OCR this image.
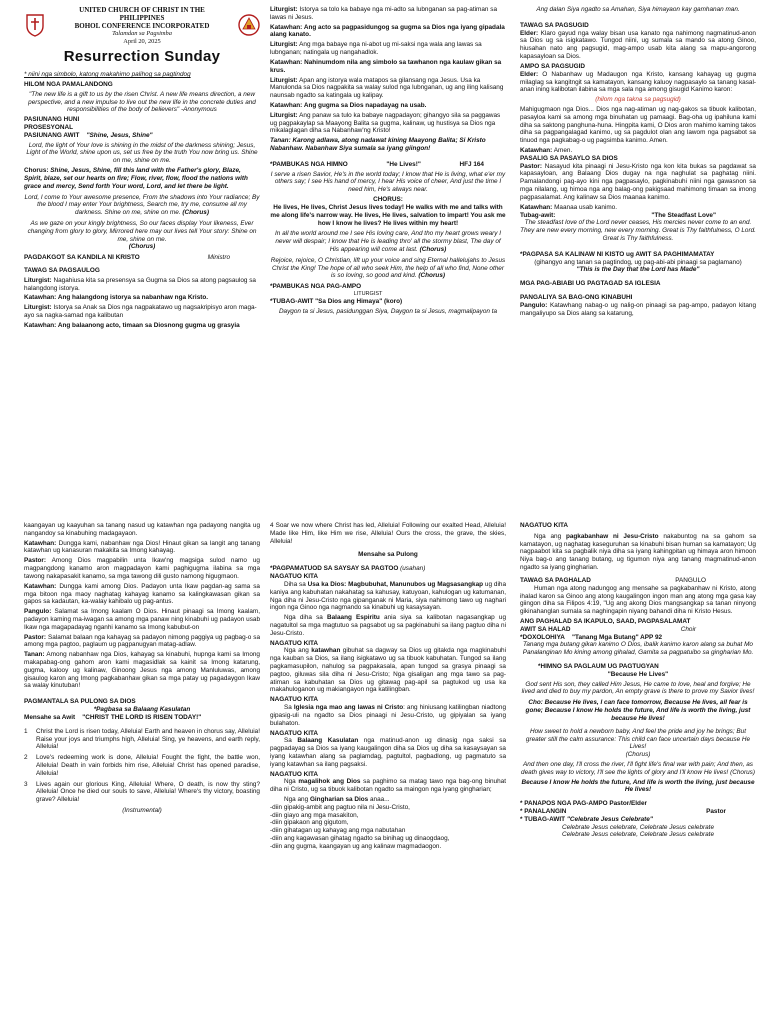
UNITED CHURCH OF CHRIST IN THE
PHILIPPINES
BOHOL CONFERENCE INCORPORATED
Talamdan sa Pagsimba
April 20, 2025
Resurrection Sunday

* niini nga simbolo, katong makahimo palihog sa pagtindog

HILOM NGA PAMALANDONG

"The new life is a gift to us by the risen Christ. A new life means direction, a new perspective, and a new impulse to live out the new life in the concrete duties and responsibilities of the body of believers" -Anonymous

PASIUNANG HUNI

PROSESYONAL

PASIUNANG AWIT "Shine, Jesus, Shine"

Lord, the light of Your love is shining in the midst of the darkness shining; Jesus, Light of the World, shine upon us, set us free by the truth You now bring us. Shine on me, shine on me.

Chorus: Shine, Jesus, Shine, fill this land with the Father's glory, Blaze, Spirit, blaze, set our hearts on fire; Flow, river, flow, flood the nations with grace and mercy, Send forth Your word, Lord, and let there be light.

Lord, I come to Your awesome presence, From the shadows into Your radiance; By the blood I may enter Your brightness, Search me, try me, consume all my darkness. Shine on me, shine on me. (Chorus)

As we gaze on your kingly brightness, So our faces display Your likeness, Ever changing from glory to glory, Mirrored here may our lives tell Your story: Shine on me, shine on me.
(Chorus)

PAGDAKGOT SA KANDILA NI KRISTO	Ministro

TAWAG SA PAGSAULOG

Liturgist: Nagahiusa kita sa presensya sa Gugma sa Dios sa atong pagsaulog sa halangdong istorya.

Katawhan: Ang halangdong istorya sa nabanhaw nga Kristo.

Liturgist: Istorya sa Anak sa Dios nga nagpakatawo ug nagsakripisyo aron maga-ayo sa nagka-samad nga kalibutan

Katawhan: Ang balaanong acto, timaan sa Diosnong gugma ug grasyia

Liturgist: Istorya sa tolo ka babaye nga mi-adto sa lubnganan sa pag-atiman sa lawas ni Jesus.

Katawhan: Ang acto sa pagpasidungog sa gugma sa Dios nga iyang gipadala alang kanato.

Liturgist: Ang mga babaye nga ni-abot ug mi-saksi nga wala ang lawas sa lubnganan; natingala ug nangahadlok.

Katawhan: Nahinumdom nila ang simbolo sa tawhanon nga kaulaw gikan sa krus.

Liturgist: Apan ang istorya wala matapos sa gilansang nga Jesus. Usa ka Manulonda sa Dios nagpakita sa walay sulod nga lubnganan, ug ang iling kalisang naunsab ngadto sa katingala ug kalipay.

Katawhan: Ang gugma sa Dios napadayag na usab.

Liturgist: Ang panaw sa tulo ka babaye nagpadayon; gihangyo sila sa paggawas ug pagpakaylap sa Maayong Balita sa gugma, kalinaw, ug hustisya sa Dios nga mikalaglagan diha sa Nabanhaw'ng Kristo!

Tanan: Karong adlawa, atong nadawat kining Maayong Balita; Si Kristo Nabanhaw. Nabanhaw Siya sumala sa iyang giingon!

*PAMBUKAS NGA HIMNO	"He Lives!"	HFJ 164

I serve a risen Savior, He's in the world today; I know that He is living, what e'er my others say; I see His hand of mercy, I hear His voice of cheer, And just the time I need him, He's always near.

CHORUS:

He lives, He lives, Christ Jesus lives today! He walks with me and talks with me along life's narrow way. He lives, He lives, salvation to impart! You ask me how I know he lives? He lives within my heart!

In all the world around me I see His loving care, And tho my heart grows weary I never will despair; I know that He is leading thro' all the stormy blast, The day of His appearing will come at last. (Chorus)

Rejoice, rejoice, O Christian, lift up your voice and sing Eternal hallelujahs to Jesus Christ the King! The hope of all who seek Him, the help of all who find, None other is so loving, so good and kind. (Chorus)

*PAMBUKAS NGA PAG-AMPO

LITURGIST

*TUBAG-AWIT "Sa Dios ang Himaya" (koro)

Daygon ta si Jesus, pasidunggan Siya, Daygon ta si Jesus, magmalipayon ta

Ang dalan Siya ngadto sa Amahan, Siya himayaon kay gamhanan man.

TAWAG SA PAGSUGID

Elder: Klaro gayud nga walay bisan usa kanato nga nahimong nagmatinud-anon sa Dios ug sa isigkatawo. Tungod niini, ug sumala sa mando sa atong Ginoo, hiusahan nato ang pagsugid, mag-ampo usab kita alang sa mapu-angorong kapasayloan sa Dios.

AMPO SA PAGSUGID

Elder: O Nabanhaw ug Madaugon nga Kristo, kansang kahayag ug gugma milaglag sa kangitngit sa kamatayon, kansang kaluoy nagpasaylo sa tanang kasal-anan ining kalibotan ilabina sa mga sala nga among gisugid Kanimo karon:

(hilom nga takna sa pagsugid)

Mahigugmaon nga Dios... Dios nga nag-atiman ug nag-gakos sa tibuok kalibotan, pasayloa kami sa among mga binuhatan ug pamaagi. Bag-oha ug ipahiluna kami diha sa saktong panghuna-huna. Hingpita kami, O Dios aron mahimo kaming takos diha sa pagpangalagad kanimo, ug sa pagdulot olan ang lawom nga pagsabot sa tinuod nga pagkabag-o ug pagsimba kanimo. Amen.

Katawhan: Amen.

PASALIG SA PASAYLO SA DIOS

Pastor: Nasayud kita pinaagi ni Jesu-Kristo nga kon kita bukas sa pagdawat sa kapasayloan, ang Balaang Dios dugay na nga naghulat sa paghatag niini. Pamalandongi pag-ayo kini nga pagpasaylo, pagkinabuhi niini nga gawasnon sa mga nilalang, ug himoa nga ang balag-ong pakigsaad mahimong timaan sa imong pagpasalamat. Ang kalinaw sa Dios maanaa kanimo.

Katawhan: Maanaa usab kanimo.

Tubag-awit:	"The Steadfast Love"

The steadfast love of the Lord never ceases, His mercies never come to an end. They are new every morning, new every morning. Great is Thy faithfulness, O Lord. Great is Thy faithfulness.

*PAGPASA SA KALINAW NI KISTO ug AWIT SA PAGHIMAMATAY

(gihangyo ang tanan sa pagtindog, ug pag-abi-abi pinaagi sa paglamano)

"This is the Day that the Lord has Made"

MGA PAG-ABIABI UG PAGTAGAD SA IGLESIA

PANGALIYA SA BAG-ONG KINABUHI

Pangulo: Katawhang nabag-o ug nalig-on pinaagi sa pag-ampo, padayon kitang mangaliyupo sa Dios alang sa katarung,

kaangayan ug kaayuhan sa tanang nasud ug katawhan nga padayong nangita ug nangandoy sa kinabuhing madagayaon.

Katawhan: Dungga kami, nabanhaw nga Dios! Hinaut gikan sa langit ang tanang katawhan ug kanasuran makakita sa Imong kahayag.

Pastor: Among Dios magpabilin unta Ikaw'ng magsiga sulod namo ug magpangdong kanamo aron magpadayon kami paghigugma ilabina sa mga tawong nakapasakit kanamo, sa mga tawong dili gusto namong higugmaon.

Katawhan: Dungga kami among Dios. Padayon unta Ikaw pagdan-ag sama sa mga bitoon nga maoy naghatag kahayag kanamo sa kalingkawasan gikan sa gapos sa kadautan, ka-walay kahibalo ug pag-antus.

Pangulo: Salamat sa Imong kaalam O Dios. Hinaut pinaagi sa Imong kaalam, padayon kaming ma-iwagan sa among mga panaw ning kinabuhi ug padayon usab Ikaw nga magapadayag nganhi kanamo sa Imong kabubut-on

Pastor: Salamat balaan nga kahayag sa padayon nimong paggiya ug pagbag-o sa among mga pagtoo, paglaum ug pagpanugyan matag-adlaw.

Tanan: Among nabanhaw nga Dios, kahayag sa kinabuhi, hupnga kami sa Imong makapabag-ong gahom aron kami magasidlak sa kainit sa Imong katarung, gugma, kalooy ug kalinaw, Ginoong Jesus nga among Manluluwas, among gisaulog karon ang Imong pagkabanhaw gikan sa mga patay ug pagadaygon Ikaw sa walay kinutuban!

PAGMANTALA SA PULONG SA DIOS

*Pagbasa sa Balaang Kasulatan

Mensahe sa Awit "CHRIST THE LORD IS RISEN TODAY!"

1	Christ the Lord is risen today, Alleluia! Earth and heaven in chorus say, Alleluia! Raise your joys and triumphs high, Alleluia! Sing, ye heavens, and earth reply, Alleluia!

2	Love's redeeming work is done, Alleluia! Fought the fight, the battle won, Alleluia! Death in vain forbids him rise, Alleluia! Christ has opened paradise, Alleluia!

3	Lives again our glorious King, Alleluia! Where, O death, is now thy sting? Alleluia! Once he died our souls to save, Alleluia! Where's thy victory, boasting grave? Alleluia!

(Instrumental)

4 Soar we now where Christ has led, Alleluia! Following our exalted Head, Alleluia! Made like Him, like Him we rise, Alleluia! Ours the cross, the grave, the skies, Alleluia!

Mensahe sa Pulong

*PAGPAMATUOD SA SAYSAY SA PAGTOO (usahan)

NAGATUO KITA

Diha sa Usa ka Dios: Magbubuhat, Manunubos ug Magsasangkap ug diha kaniya ang kabuhatan nakahatag sa kahusay, katuyoan, kahulogan ug katumanan, Nga diha ni Jesu-Cristo nga gipanganak ni Maria, siya nahimong tawo ug naghari ingon nga Ginoo nga nagmando sa kinabuhi ug kasaysayan.

Nga diha sa Balaang Espiritu ania siya sa kalibotan nagasangkap ug nagatultol sa mga magtutuo sa pagsabot ug sa pagkinabuhi sa ilang pagtuo diha ni Jesu-Cristo.

NAGATUO KITA

Nga ang katawhan gibuhat sa dagway sa Dios ug gitakda nga magkinabuhi nga kauban sa Dios, sa ilang isigkatawo ug sa tibuok kabuhatan. Tungod sa ilang pagkamasupilon, nahulog sa pagpakasala, apan tungod sa grasya pinaagi sa pagtoo, giluwas sila diha ni Jesu-Cristo; Nga gisaligan ang mga tawo sa pag-atiman sa kabuhatan sa Dios ug gitawag pag-apil sa pagtukod ug usa ka makahuloganon ug makiangayon nga katilingban.

NAGATUO KITA

Sa Iglesia nga mao ang lawas ni Cristo: ang hiniusang katilingban niadtong gipasig-uli na ngadto sa Dios pinaagi ni Jesu-Cristo, ug gipiyalan sa iyang bulahaton.

NAGATUO KITA

Sa Balaang Kasulatan nga matinud-anon ug dinasig nga saksi sa pagpadayag sa Dios sa iyang kaugalingon diha sa Dios ug diha sa kasaysayan sa iyang katawhan alang sa paglamdag, pagtultol, pagbadlong, ug pagmatuto sa iyang katawhan sa ilang pagsaksi.

NAGATUO KITA

Nga magalihok ang Dios sa paghimo sa matag tawo nga bag-ong binuhat diha ni Cristo, ug sa tibuok kalibotan ngadto sa maingon nga iyang gingharian;

Nga ang Gingharian sa Dios anaa...

-diin gipakig-ambit ang pagtuo nila ni Jesu-Cristo,

-diin giayo ang mga masakiton,

-diin gipakaon ang gigutom,

-diin gihatagan ug kahayag ang mga nabutahan

-diin ang kagawasan gihatag ngadto sa binihag ug dinaogdaog,

-diin ang gugma, kaangayan ug ang kalinaw magmadaogon.

NAGATUO KITA

Nga ang pagkabanhaw ni Jesu-Cristo nakabuntog na sa gahom sa kamatayon, ug naghatag kaseguruhan sa kinabuhi bisan human sa kamatayon; Ug nagpaabot kita sa pagbalik niya diha sa iyang kahingpitan ug himaya aron himoon Niya bag-o ang tanang butang, ug tigumon niya ang tanang magmatinud-anon ngadto sa iyang gingharian.

TAWAG SA PAGHALAD	PANGULO

Human nga atong nadungog ang mensahe sa pagkabanhaw ni Kristo, atong ihalad karon sa Ginoo ang atong kaugalingon ingon man ang atong mga gasa kay giingon diha sa Filipos 4:19, "Ug ang akong Dios mangsangkap sa tanan ninyong gikinahanglan sumala sa naghingapin niyang bahandi diha ni Kristo Hesus.

ANG PAGHALAD SA IKAPULO, SAAD, PAGPASALAMAT

AWIT SA HALAD	Choir

*DOXOLOHIYA "Tanang Mga Butang" APP 92

Tanang mga butang gikan kanimo O Dios, ibalik kanimo karon alang sa buhat Mo Panalanginan Mo kining among gihalad, Gamita sa pagpatuibo sa gingharian Mo.

*HIMNO SA PAGLAUM UG PAGTUGYAN

"Because He Lives"

God sent His son, they called Him Jesus, He came to love, heal and forgive; He lived and died to buy my pardon, An empty grave is there to prove my Savior lives!

Cho: Because He lives, I can face tomorrow, Because He lives, all fear is gone; Because I know He holds the future, And life is worth the living, just because He lives!

How sweet to hold a newborn baby, And feel the pride and joy he brings; But greater still the calm assurance: This child can face uncertain days because He Lives!
(Chorus)

And then one day, I'll cross the river, I'll fight life's final war with pain; And then, as death gives way to victory, I'll see the lights of glory and I'll know He lives! (Chorus)

Because I know He holds the future, And life is worth the living, just because He lives!

* PANAPOS NGA PAG-AMPO Pastor/Elder

* PANALANGIN	Pastor

* TUBAG-AWIT "Celebrate Jesus Celebrate"

Celebrate Jesus celebrate, Celebrate Jesus celebrate

Celebrate Jesus celebrate, Celebrate Jesus celebrate
